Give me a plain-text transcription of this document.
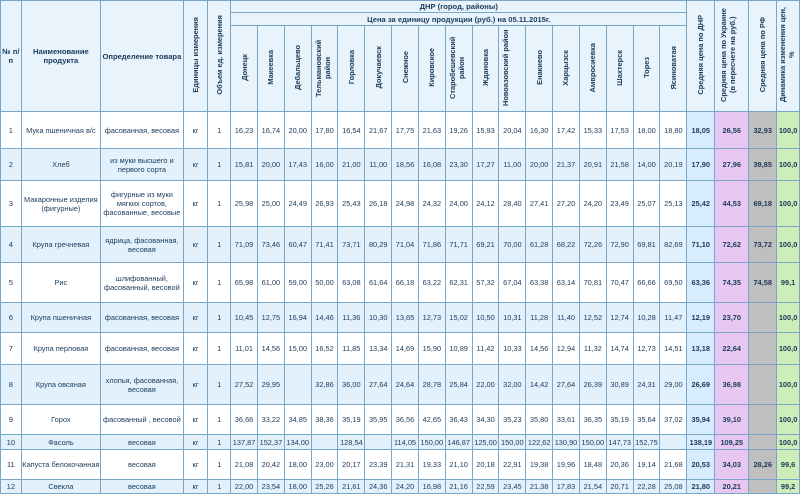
№ п/п	Наименование продукта	Определение товара	Единицы измерения	Объем ед. измерения	ДНР (город, районы)																	Средняя цена по ДНР	Средняя цена по Украине (в пересчете на руб.)	Средняя цена по РФ	Динамика изменения цен, %
					Цена за единицу продукции (руб.) на 05.11.2015г.																				
					Донецк	Макеевка	Дебальцево	Тельмановский район	Горловка	Докучаевск	Снежное	Кировское	Старобешевский район	Ждановка	Новоазовский район	Енакиево	Харцызск	Амвросиевка	Шахтерск	Торез	Ясиноватая				
1	Мука пшеничная в/с	фасованная, весовая	кг	1	16,23	16,74	20,00	17,80	16,54	21,67	17,75	21,63	19,26	15,93	20,04	16,30	17,42	15,33	17,53	18,00	18,80	18,05	26,56	32,93	100,0
2	Хлеб	из муки высшего и первого сорта	кг	1	15,81	20,00	17,43	16,00	21,00	11,00	18,56	16,08	23,30	17,27	11,00	20,00	21,37	20,91	21,58	14,00	20,19	17,90	27,96	39,85	100,0
3	Макаронные изделия (фигурные)	фигурные из муки мягких сортов, фасованные, весовые	кг	1	25,98	25,00	24,49	26,93	25,43	26,18	24,98	24,32	24,00	24,12	28,40	27,41	27,20	24,20	23,49	25,07	25,13	25,42	44,53	69,18	100,0
4	Крупа гречневая	ядрица, фасованная, весовая	кг	1	71,09	73,46	60,47	71,41	73,71	80,29	71,04	71,86	71,71	69,21	70,00	61,28	68,22	72,26	72,90	69,81	82,69	71,10	72,62	73,72	100,0
5	Рис	шлифованный, фасованный, весовой	кг	1	65,98	61,00	59,00	50,00	63,08	61,64	66,18	63,22	62,31	57,32	67,04	63,38	63,14	70,81	70,47	66,66	69,50	63,36	74,35	74,58	99,1
6	Крупа пшеничная	фасованная, весовая	кг	1	10,45	12,75	16,94	14,46	11,36	10,30	13,65	12,73	15,02	10,50	10,31	11,28	11,40	12,52	12,74	10,28	11,47	12,19	23,70		100,0
7	Крупа перловая	фасованная, весовая	кг	1	11,01	14,56	15,00	16,52	11,85	13,34	14,69	15,90	10,89	11,42	10,33	14,56	12,94	11,32	14,74	12,73	14,51	13,18	22,64		100,0
8	Крупа овсяная	хлопья, фасованная, весовая	кг	1	27,52	29,95		32,86	36,00	27,64	24,64	28,78	25,84	22,00	32,00	14,42	27,64	26,39	30,89	24,31	29,00	26,69	36,98		100,0
9	Горох	фасованный , весовой	кг	1	36,66	33,22	34,85	38,36	35,19	35,95	36,56	42,65	36,43	34,30	35,23	35,80	33,61	36,35	35,19	35,64	37,02	35,94	39,10		100,0
10	Фасоль	весовая	кг	1	137,87	152,37	134,00		128,54		114,05	150,00	146,87	125,00	150,00	122,62	130,90	150,00	147,73	152,75		138,19	109,25		100,0
11	Капуста белокочанная	весовая	кг	1	21,08	20,42	18,00	23,00	20,17	23,39	21,31	19,33	21,10	20,18	22,91	19,38	19,96	18,48	20,36	19,14	21,68	20,53	34,03	28,26	99,6
12	Свекла	весовая	кг	1	22,00	23,54	18,00	25,26	21,61	24,36	24,20	16,98	21,16	22,59	23,45	21,38	17,83	21,54	20,71	22,28	25,08	21,80	20,21		99,2
